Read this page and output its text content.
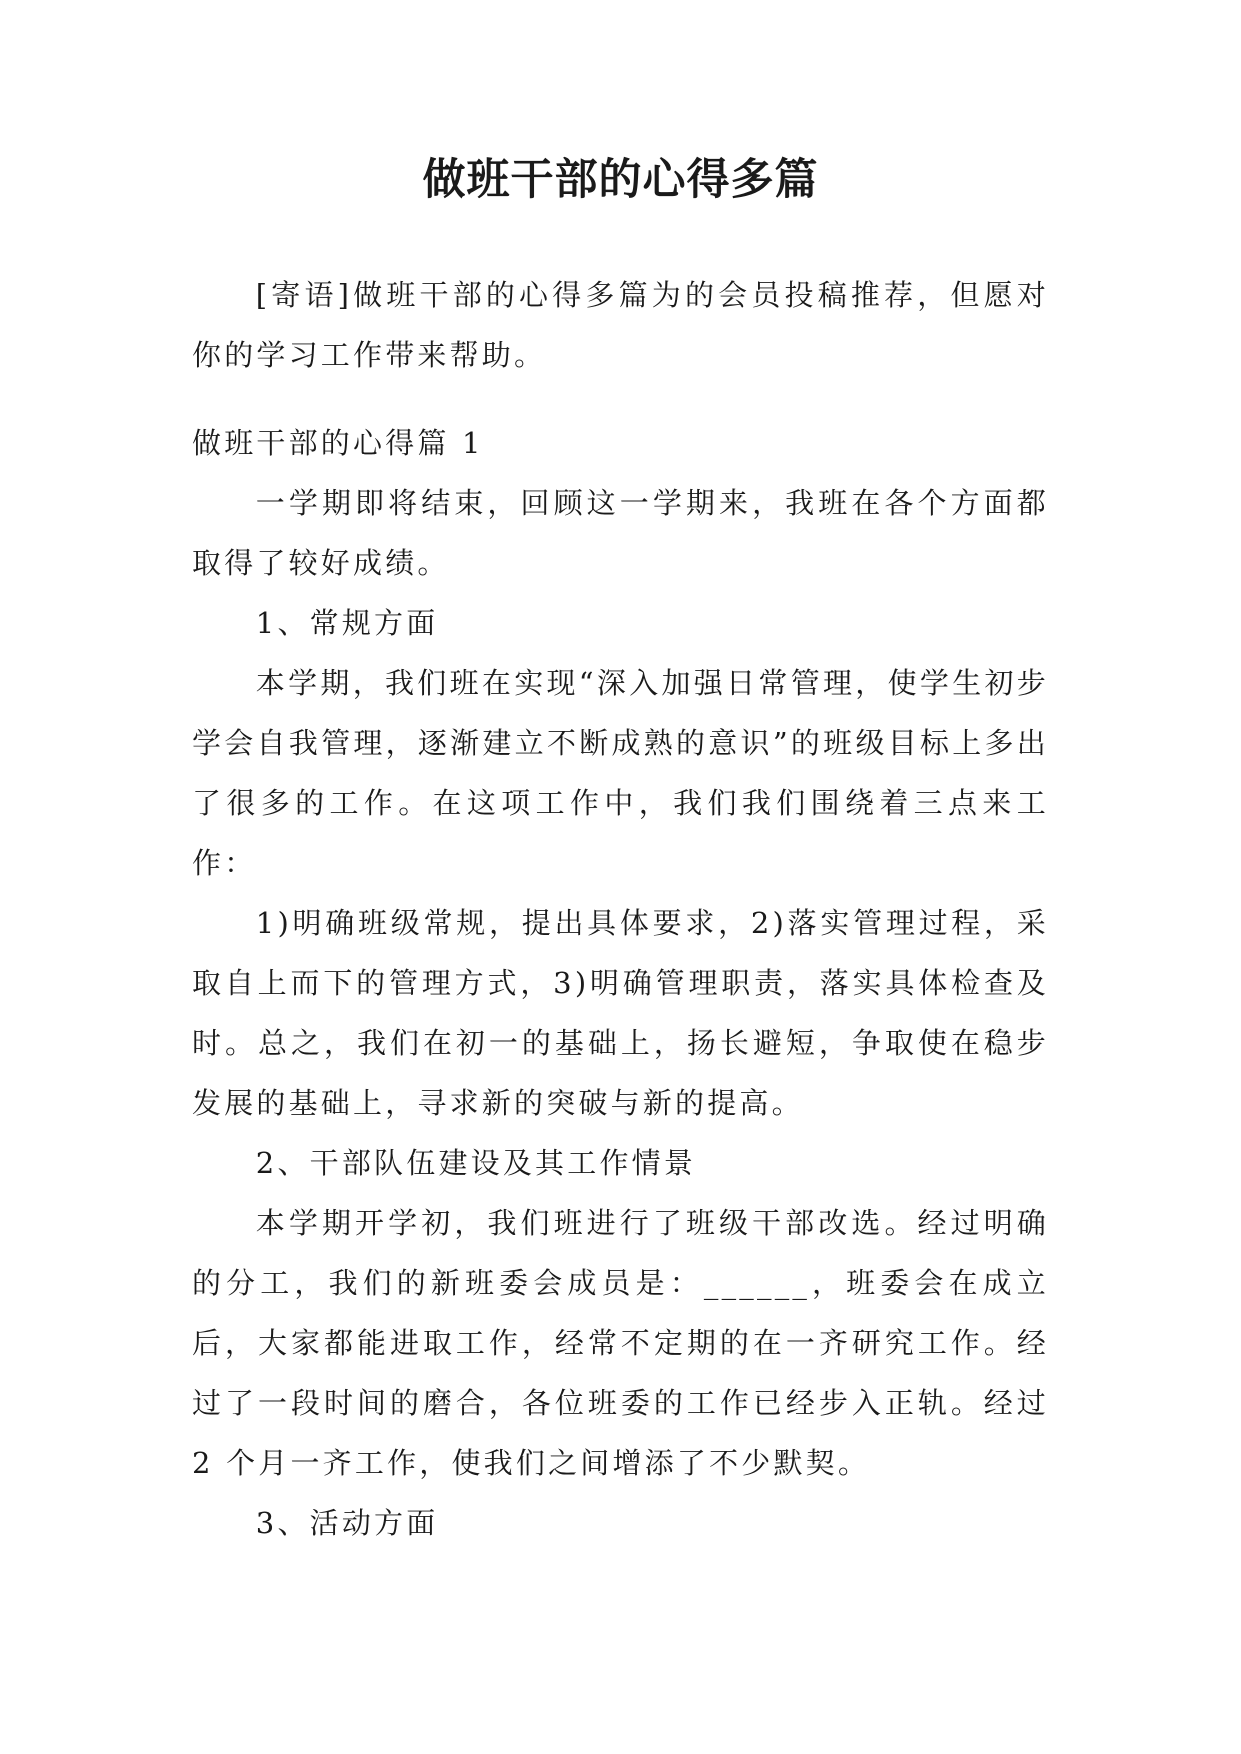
做班干部的心得多篇

[寄语]做班干部的心得多篇为的会员投稿推荐，但愿对你的学习工作带来帮助。

做班干部的心得篇 1

一学期即将结束，回顾这一学期来，我班在各个方面都取得了较好成绩。

1、常规方面

本学期，我们班在实现“深入加强日常管理，使学生初步学会自我管理，逐渐建立不断成熟的意识”的班级目标上多出了很多的工作。在这项工作中，我们我们围绕着三点来工作：

1)明确班级常规，提出具体要求，2)落实管理过程，采取自上而下的管理方式，3)明确管理职责，落实具体检查及时。总之，我们在初一的基础上，扬长避短，争取使在稳步发展的基础上，寻求新的突破与新的提高。

2、干部队伍建设及其工作情景

本学期开学初，我们班进行了班级干部改选。经过明确的分工，我们的新班委会成员是：______，班委会在成立后，大家都能进取工作，经常不定期的在一齐研究工作。经过了一段时间的磨合，各位班委的工作已经步入正轨。经过 2 个月一齐工作，使我们之间增添了不少默契。

3、活动方面
